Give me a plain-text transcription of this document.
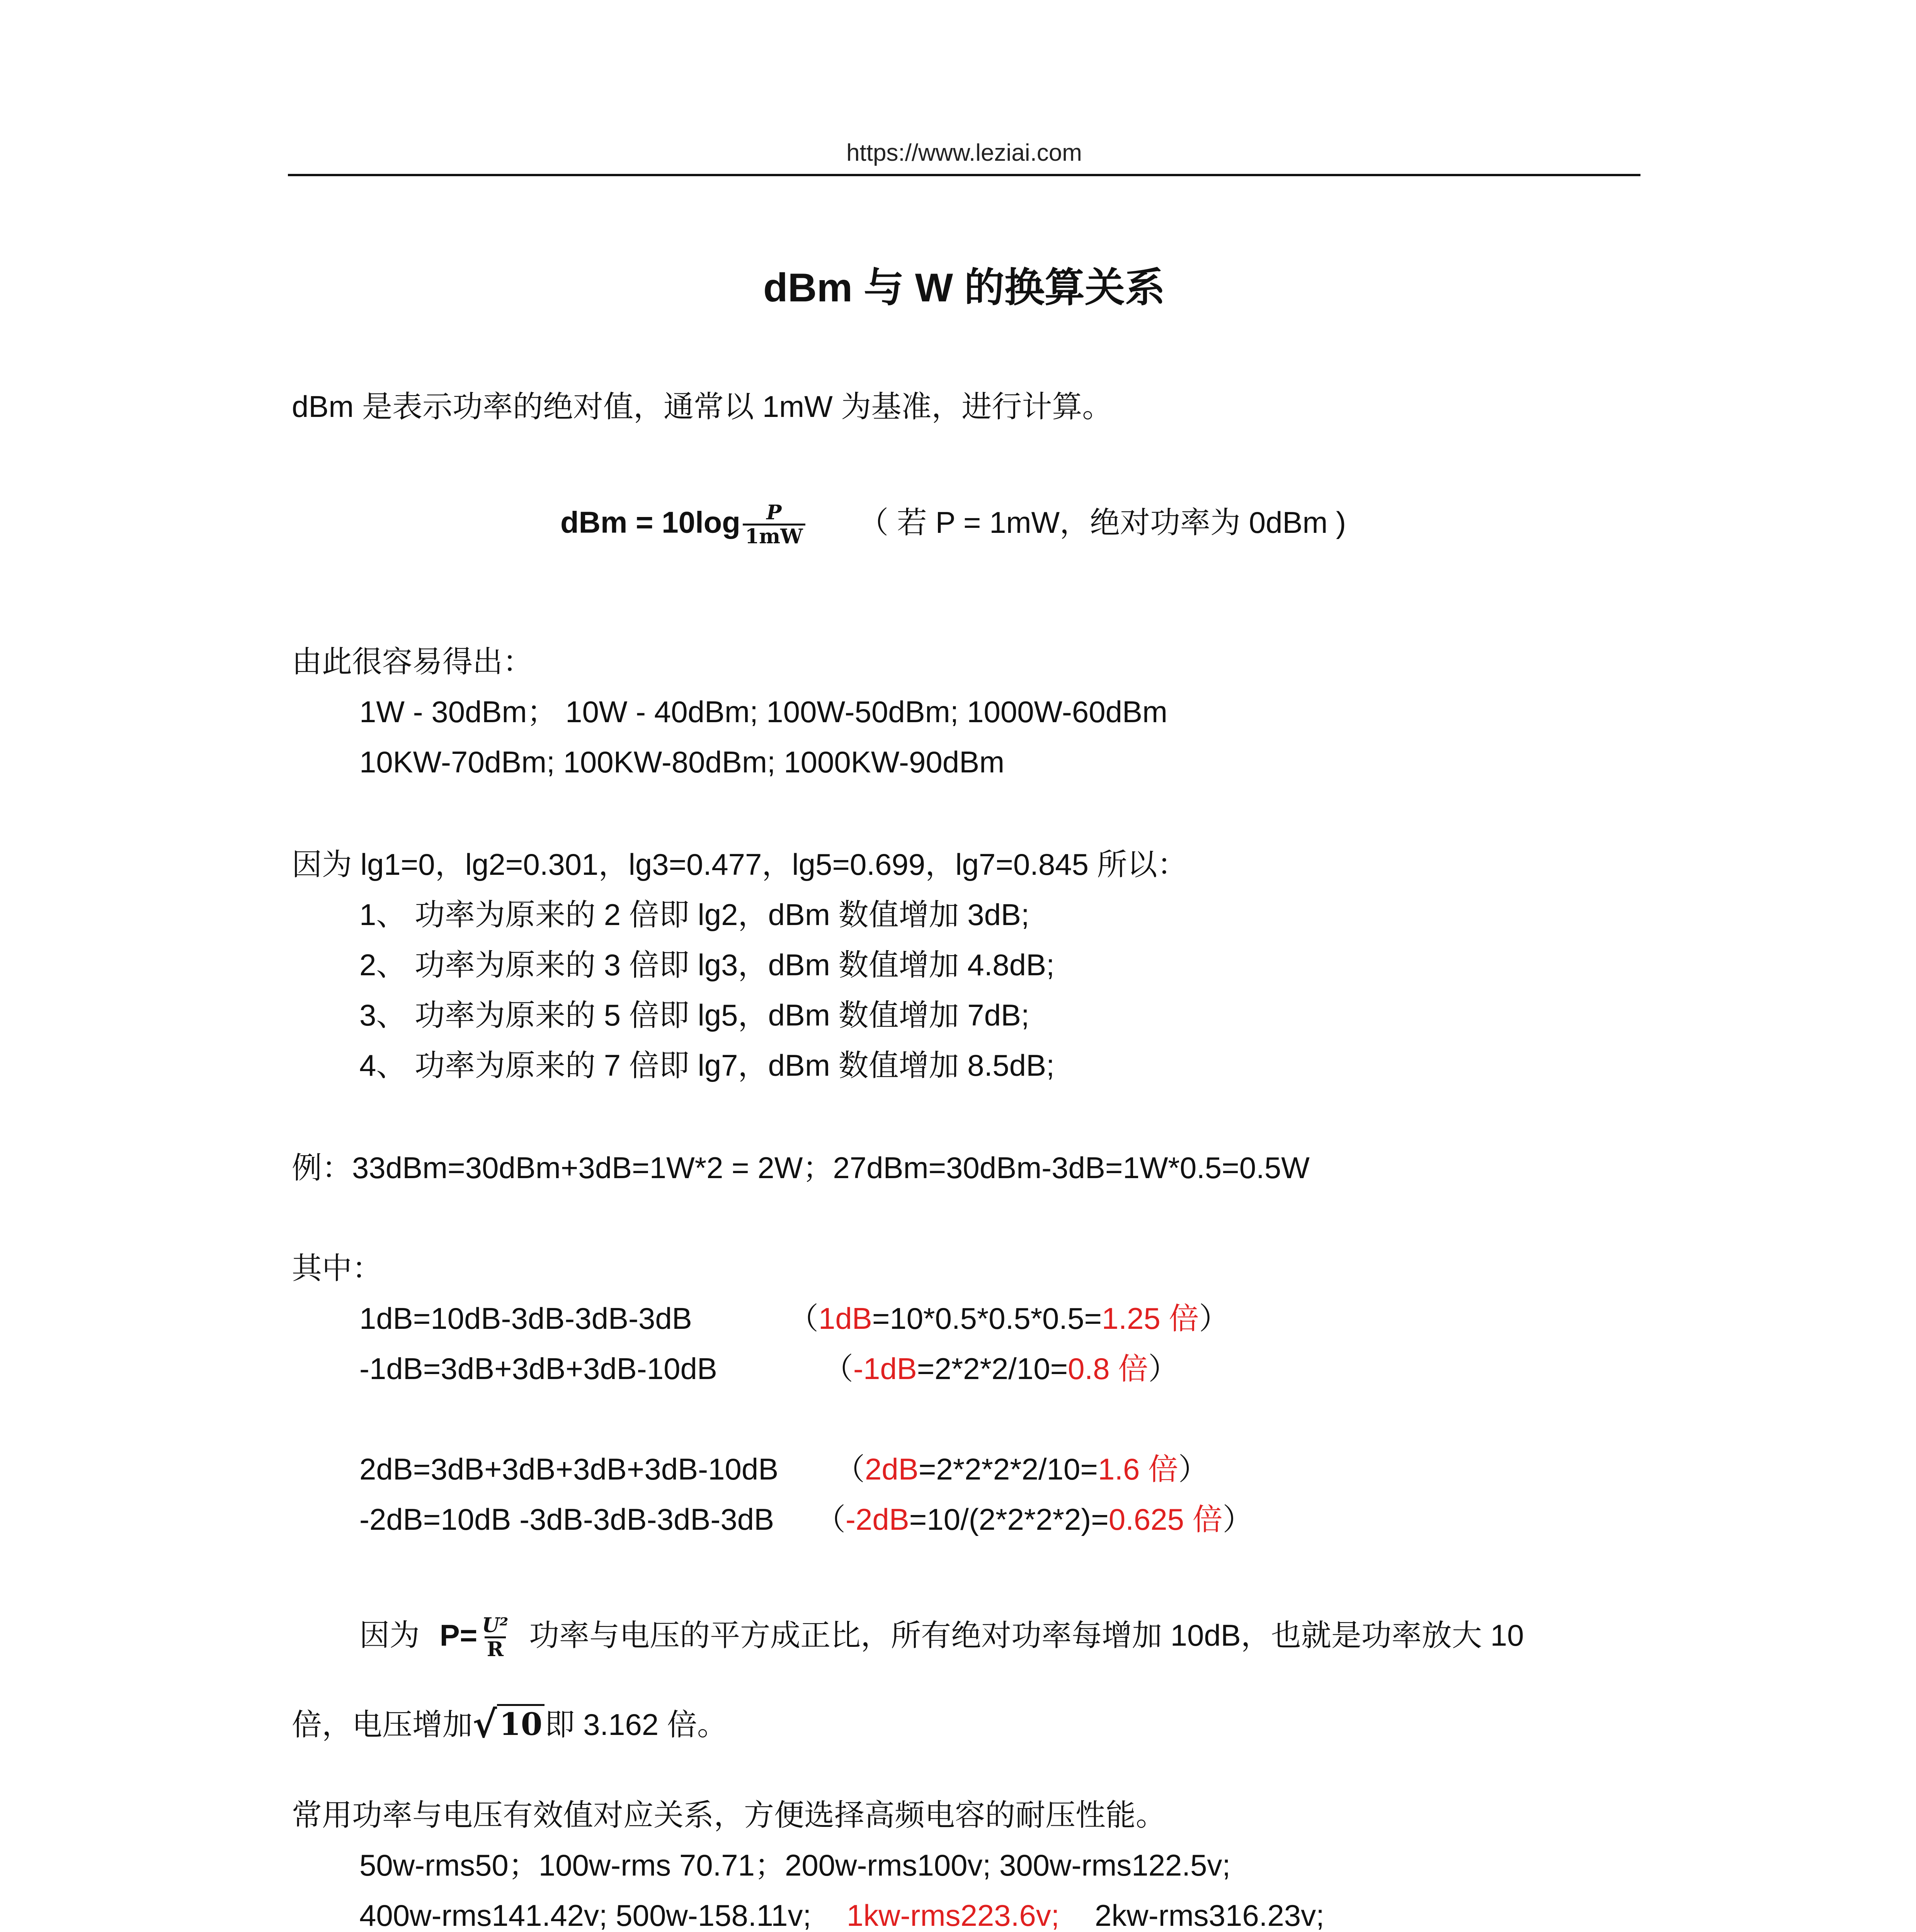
https://www.leziai.com
dBm 与 W 的换算关系
dBm 是表示功率的绝对值，通常以 1mW 为基准，进行计算。
dBm = $10\log \frac{P}{1mW}$ （ 若 P = 1mW，绝对功率为 0dBm )
由此很容易得出：
1W - 30dBm； 10W - 40dBm; 100W-50dBm; 1000W-60dBm
10KW-70dBm; 100KW-80dBm; 1000KW-90dBm
因为 lg1=0，lg2=0.301，lg3=0.477，lg5=0.699，lg7=0.845 所以：
1、 功率为原来的 2 倍即 lg2，dBm 数值增加 3dB;
2、 功率为原来的 3 倍即 lg3，dBm 数值增加 4.8dB;
3、 功率为原来的 5 倍即 lg5，dBm 数值增加 7dB;
4、 功率为原来的 7 倍即 lg7，dBm 数值增加 8.5dB;
例：33dBm=30dBm+3dB=1W*2 = 2W；27dBm=30dBm-3dB=1W*0.5=0.5W
其中：
1dB=10dB-3dB-3dB-3dB	（1dB=10*0.5*0.5*0.5=1.25 倍）
-1dB=3dB+3dB+3dB-10dB	（-1dB=2*2*2/10=0.8 倍）
2dB=3dB+3dB+3dB+3dB-10dB （2dB=2*2*2*2/10=1.6 倍）
-2dB=10dB -3dB-3dB-3dB-3dB （-2dB=10/(2*2*2*2)=0.625 倍）
因为 $P= \frac{\text{U²}}{R}$ 功率与电压的平方成正比，所有绝对功率每增加 10dB，也就是功率放大 10
倍，电压增加√10即 3.162 倍。
常用功率与电压有效值对应关系，方便选择高频电容的耐压性能。
50w-rms50；100w-rms 70.71；200w-rms100v; 300w-rms122.5v;
400w-rms141.42v; 500w-158.11v; 1kw-rms223.6v; 2kw-rms316.23v;
